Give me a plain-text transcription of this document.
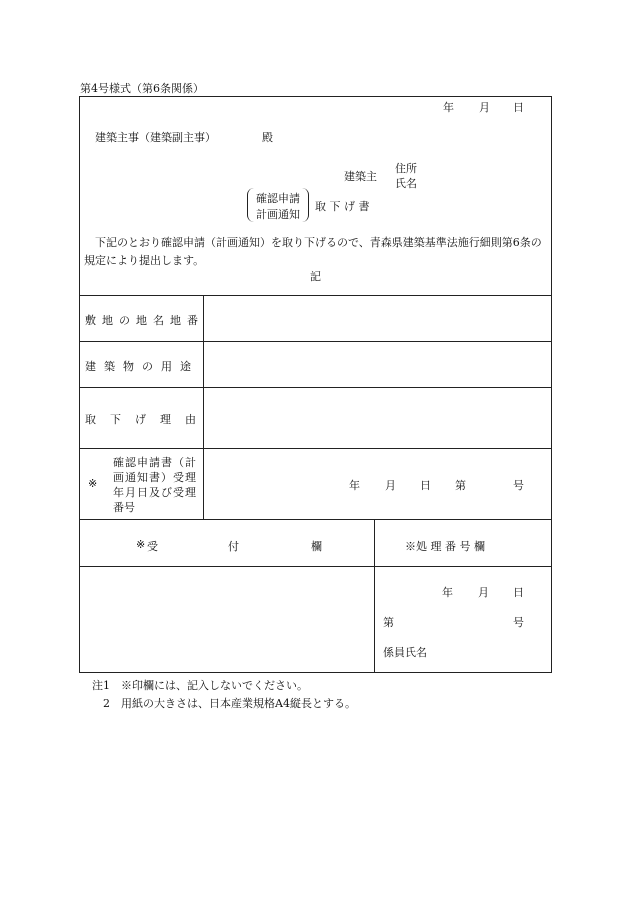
第4号様式（第6条関係）
年 月 日
建築主事（建築副主事）	殿
建築主
住所
氏名
確認申請
計画通知
取 下 げ 書
下記のとおり確認申請（計画通知）を取り下げるので、青森県建築基準法施行細則第6条の規定により提出します。
記
敷地の地名地番
建築物の用途
取下げ理由
※
確認申請書（計
画通知書）受理
年月日及び受理
番号
年 月 日 第	号
※ 受	付	欄	※処 理 番 号 欄
年 月 日
第	号
係員氏名
注1　※印欄には、記入しないでください。
2　用紙の大きさは、日本産業規格A4縦長とする。
